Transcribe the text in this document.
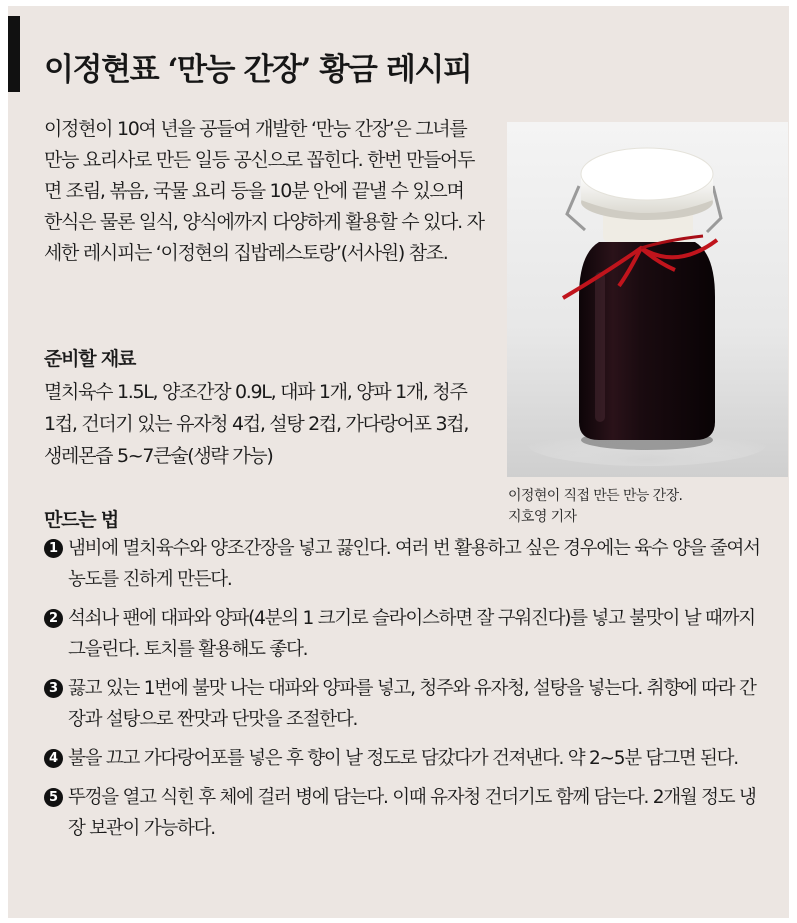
이정현표 ‘만능 간장’ 황금 레시피

이정현이 10여 년을 공들여 개발한 ‘만능 간장’은 그녀를 만능 요리사로 만든 일등 공신으로 꼽힌다. 한번 만들어두면 조림, 볶음, 국물 요리 등을 10분 안에 끝낼 수 있으며 한식은 물론 일식, 양식에까지 다양하게 활용할 수 있다. 자세한 레시피는 ‘이정현의 집밥레스토랑’(서사원) 참조.

이정현이 직접 만든 만능 간장.
지호영 기자
준비할 재료

멸치육수 1.5L, 양조간장 0.9L, 대파 1개, 양파 1개, 청주 1컵, 건더기 있는 유자청 4컵, 설탕 2컵, 가다랑어포 3컵, 생레몬즙 5~7큰술(생략 가능)

만드는 법
1 냄비에 멸치육수와 양조간장을 넣고 끓인다. 여러 번 활용하고 싶은 경우에는 육수 양을 줄여서 농도를 진하게 만든다.
2 석쇠나 팬에 대파와 양파(4분의 1 크기로 슬라이스하면 잘 구워진다)를 넣고 불맛이 날 때까지 그을린다. 토치를 활용해도 좋다.
3 끓고 있는 1번에 불맛 나는 대파와 양파를 넣고, 청주와 유자청, 설탕을 넣는다. 취향에 따라 간장과 설탕으로 짠맛과 단맛을 조절한다.
4 불을 끄고 가다랑어포를 넣은 후 향이 날 정도로 담갔다가 건져낸다. 약 2~5분 담그면 된다.
5 뚜껑을 열고 식힌 후 체에 걸러 병에 담는다. 이때 유자청 건더기도 함께 담는다. 2개월 정도 냉장 보관이 가능하다.
